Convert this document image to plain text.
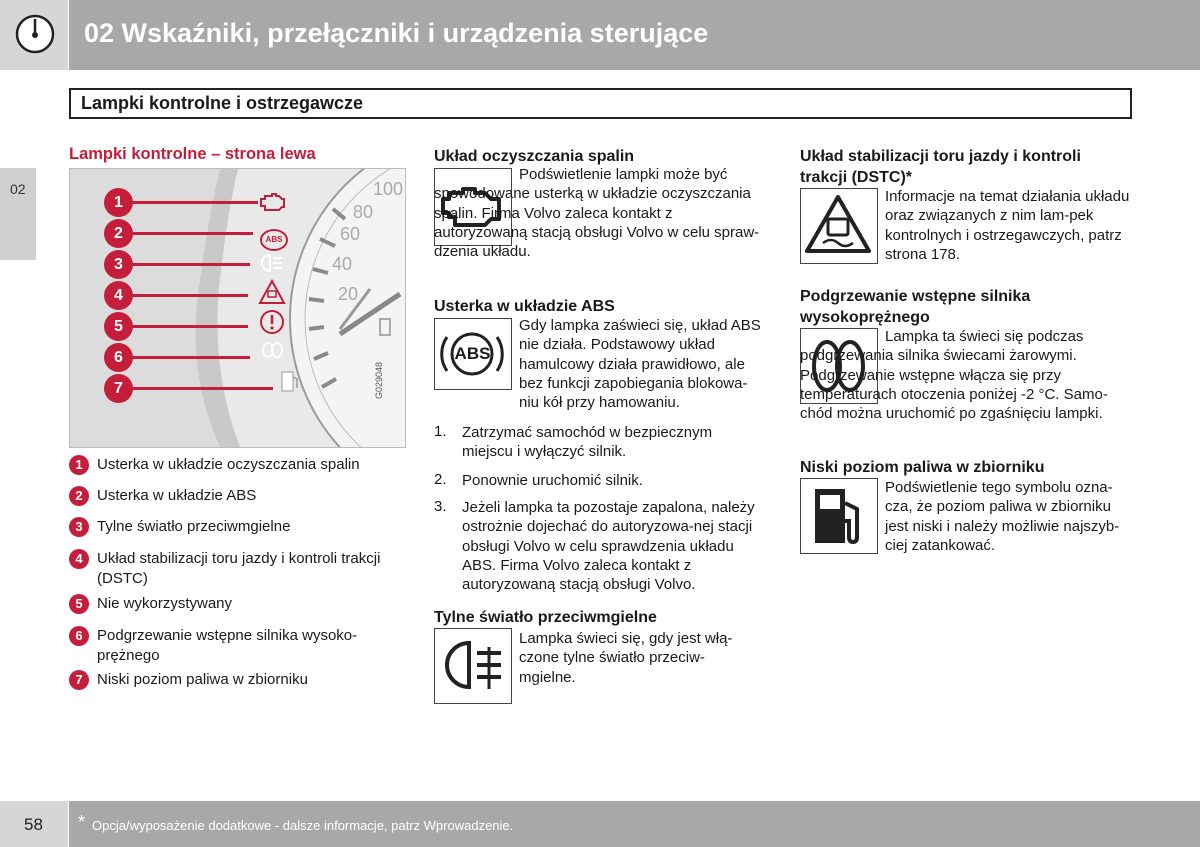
02 Wskaźniki, przełączniki i urządzenia sterujące
02
Lampki kontrolne i ostrzegawcze
Lampki kontrolne – strona lewa
100
80
60
40
20
1
2
3
4
5
6
7
ABS
G029048
1 Usterka w układzie oczyszczania spalin
2 Usterka w układzie ABS
3 Tylne światło przeciwmgielne
4 Układ stabilizacji toru jazdy i kontroli trakcji (DSTC)
5 Nie wykorzystywany
6 Podgrzewanie wstępne silnika wysoko-prężnego
7 Niski poziom paliwa w zbiorniku
Układ oczyszczania spalin
Podświetlenie lampki może być spowodowane usterką w układzie oczyszczania spalin. Firma Volvo zaleca kontakt z autoryzowaną stacją obsługi Volvo w celu spraw-dzenia układu.
Usterka w układzie ABS
ABS
Gdy lampka zaświeci się, układ ABS nie działa. Podstawowy układ hamulcowy działa prawidłowo, ale bez funkcji zapobiegania blokowa-niu kół przy hamowaniu.
1. Zatrzymać samochód w bezpiecznym miejscu i wyłączyć silnik.
2. Ponownie uruchomić silnik.
3. Jeżeli lampka ta pozostaje zapalona, należy ostrożnie dojechać do autoryzowa-nej stacji obsługi Volvo w celu sprawdzenia układu ABS. Firma Volvo zaleca kontakt z autoryzowaną stacją obsługi Volvo.
Tylne światło przeciwmgielne
Lampka świeci się, gdy jest włą-czone tylne światło przeciw-mgielne.
Układ stabilizacji toru jazdy i kontroli trakcji (DSTC)*
Informacje na temat działania układu oraz związanych z nim lam-pek kontrolnych i ostrzegawczych, patrz strona 178.
Podgrzewanie wstępne silnika wysokoprężnego
Lampka ta świeci się podczas podgrzewania silnika świecami żarowymi. Podgrzewanie wstępne włącza się przy temperaturach otoczenia poniżej -2 °C. Samo-chód można uruchomić po zgaśnięciu lampki.
Niski poziom paliwa w zbiorniku
Podświetlenie tego symbolu ozna-cza, że poziom paliwa w zbiorniku jest niski i należy możliwie najszyb-ciej zatankować.
58 * Opcja/wyposażenie dodatkowe - dalsze informacje, patrz Wprowadzenie.
